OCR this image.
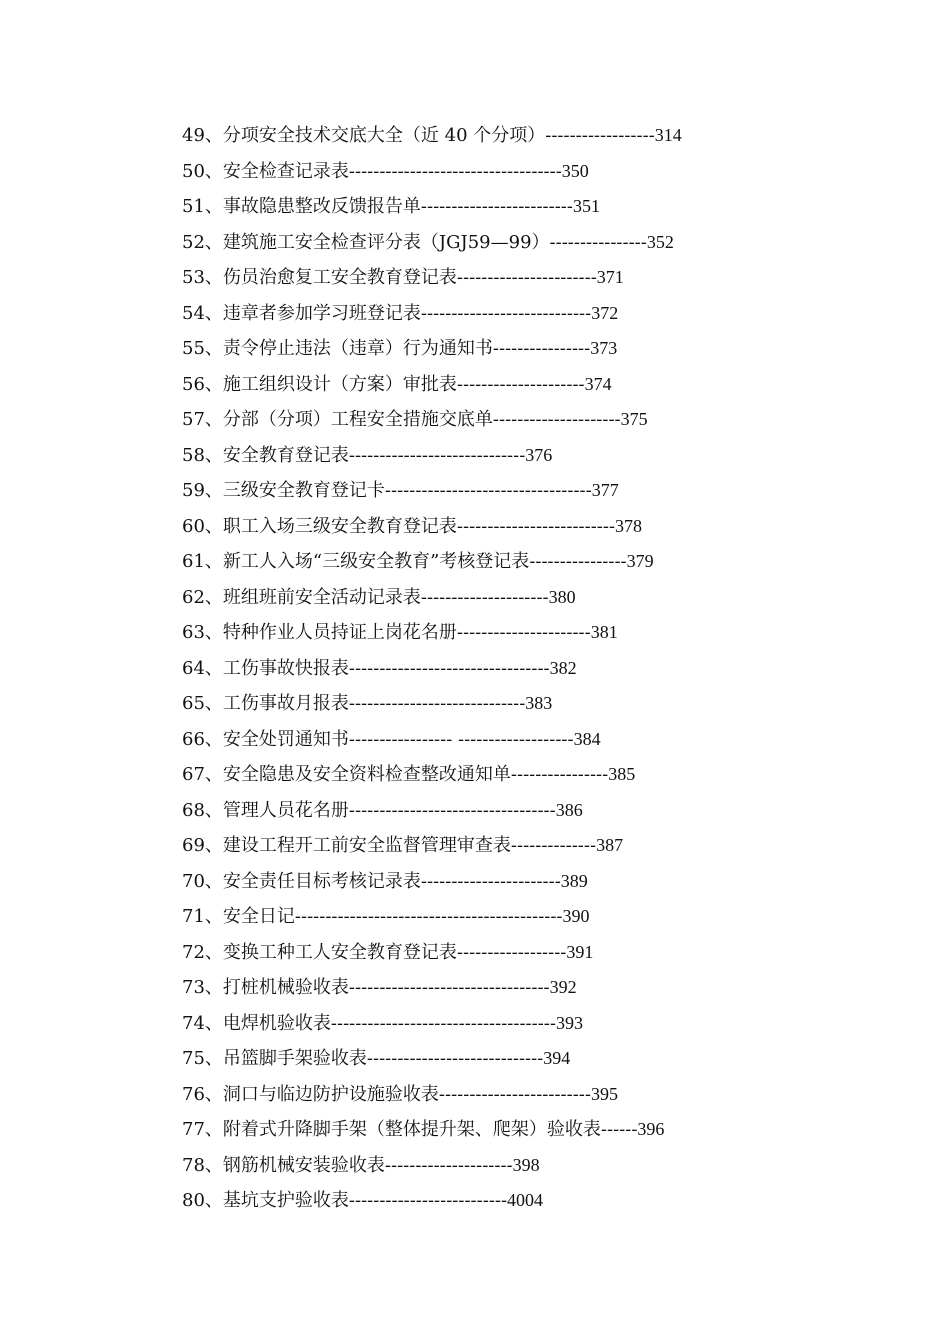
49、分项安全技术交底大全（近 40 个分项）------------------314
50、安全检查记录表-----------------------------------350
51、事故隐患整改反馈报告单-------------------------351
52、建筑施工安全检查评分表（JGJ59—99）----------------352
53、伤员治愈复工安全教育登记表-----------------------371
54、违章者参加学习班登记表----------------------------372
55、责令停止违法（违章）行为通知书----------------373
56、施工组织设计（方案）审批表---------------------374
57、分部（分项）工程安全措施交底单---------------------375
58、安全教育登记表-----------------------------376
59、三级安全教育登记卡----------------------------------377
60、职工入场三级安全教育登记表--------------------------378
61、新工人入场“三级安全教育”考核登记表----------------379
62、班组班前安全活动记录表---------------------380
63、特种作业人员持证上岗花名册----------------------381
64、工伤事故快报表---------------------------------382
65、工伤事故月报表-----------------------------383
66、安全处罚通知书----------------- -------------------384
67、安全隐患及安全资料检查整改通知单----------------385
68、管理人员花名册----------------------------------386
69、建设工程开工前安全监督管理审查表--------------387
70、安全责任目标考核记录表-----------------------389
71、安全日记--------------------------------------------390
72、变换工种工人安全教育登记表------------------391
73、打桩机械验收表---------------------------------392
74、电焊机验收表-------------------------------------393
75、吊篮脚手架验收表-----------------------------394
76、洞口与临边防护设施验收表-------------------------395
77、附着式升降脚手架（整体提升架、爬架）验收表------396
78、钢筋机械安装验收表---------------------398
80、基坑支护验收表--------------------------4004
